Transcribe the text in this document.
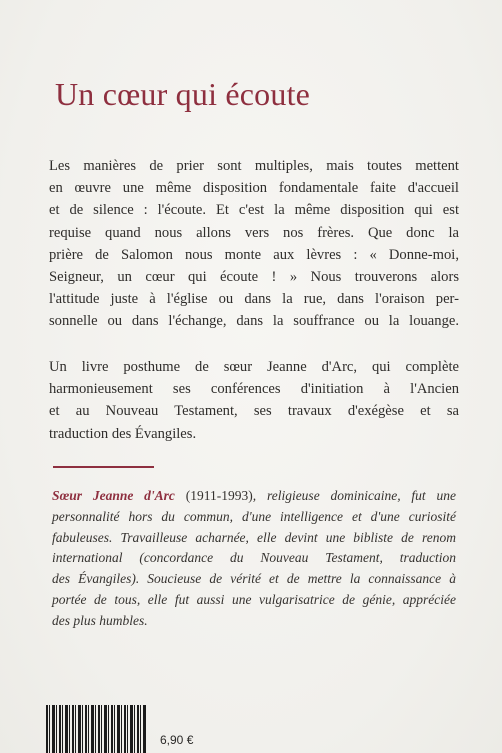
Un cœur qui écoute

Les manières de prier sont multiples, mais toutes mettent
en œuvre une même disposition fondamentale faite d'accueil
et de silence : l'écoute. Et c'est la même disposition qui est
requise quand nous allons vers nos frères. Que donc la
prière de Salomon nous monte aux lèvres : « Donne-moi,
Seigneur, un cœur qui écoute ! » Nous trouverons alors
l'attitude juste à l'église ou dans la rue, dans l'oraison per-
sonnelle ou dans l'échange, dans la souffrance ou la louange.

Un livre posthume de sœur Jeanne d'Arc, qui complète
harmonieusement ses conférences d'initiation à l'Ancien
et au Nouveau Testament, ses travaux d'exégèse et sa
traduction des Évangiles.

Sœur Jeanne d'Arc (1911-1993), religieuse dominicaine, fut une
personnalité hors du commun, d'une intelligence et d'une curiosité
fabuleuses. Travailleuse acharnée, elle devint une bibliste de renom
international (concordance du Nouveau Testament, traduction
des Évangiles). Soucieuse de vérité et de mettre la connaissance à
portée de tous, elle fut aussi une vulgarisatrice de génie, appréciée
des plus humbles.

6,90 €
